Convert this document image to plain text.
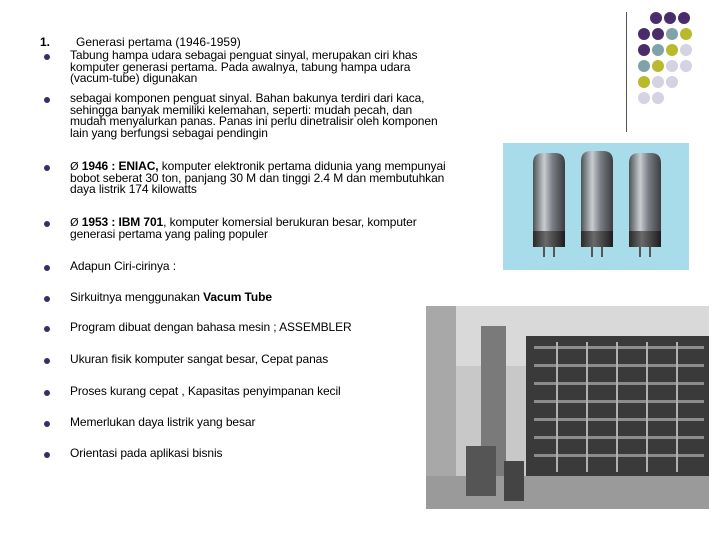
1. Generasi pertama (1946-1959)
Tabung hampa udara sebagai penguat sinyal, merupakan ciri khas
komputer generasi pertama. Pada awalnya, tabung hampa udara
(vacum-tube) digunakan
sebagai komponen penguat sinyal. Bahan bakunya terdiri dari kaca,
sehingga banyak memiliki kelemahan, seperti: mudah pecah, dan
mudah menyalurkan panas. Panas ini perlu dinetralisir oleh komponen
lain yang berfungsi sebagai pendingin
Ø 1946 : ENIAC, komputer elektronik pertama didunia yang mempunyai
bobot seberat 30 ton, panjang 30 M dan tinggi 2.4 M dan membutuhkan
daya listrik 174 kilowatts
Ø 1953 : IBM 701, komputer komersial berukuran besar, komputer
generasi pertama yang paling populer
Adapun Ciri-cirinya :
Sirkuitnya menggunakan Vacum Tube
Program dibuat dengan bahasa mesin ; ASSEMBLER
Ukuran fisik komputer sangat besar, Cepat panas
Proses kurang cepat , Kapasitas penyimpanan kecil
Memerlukan daya listrik yang besar
Orientasi pada aplikasi bisnis
